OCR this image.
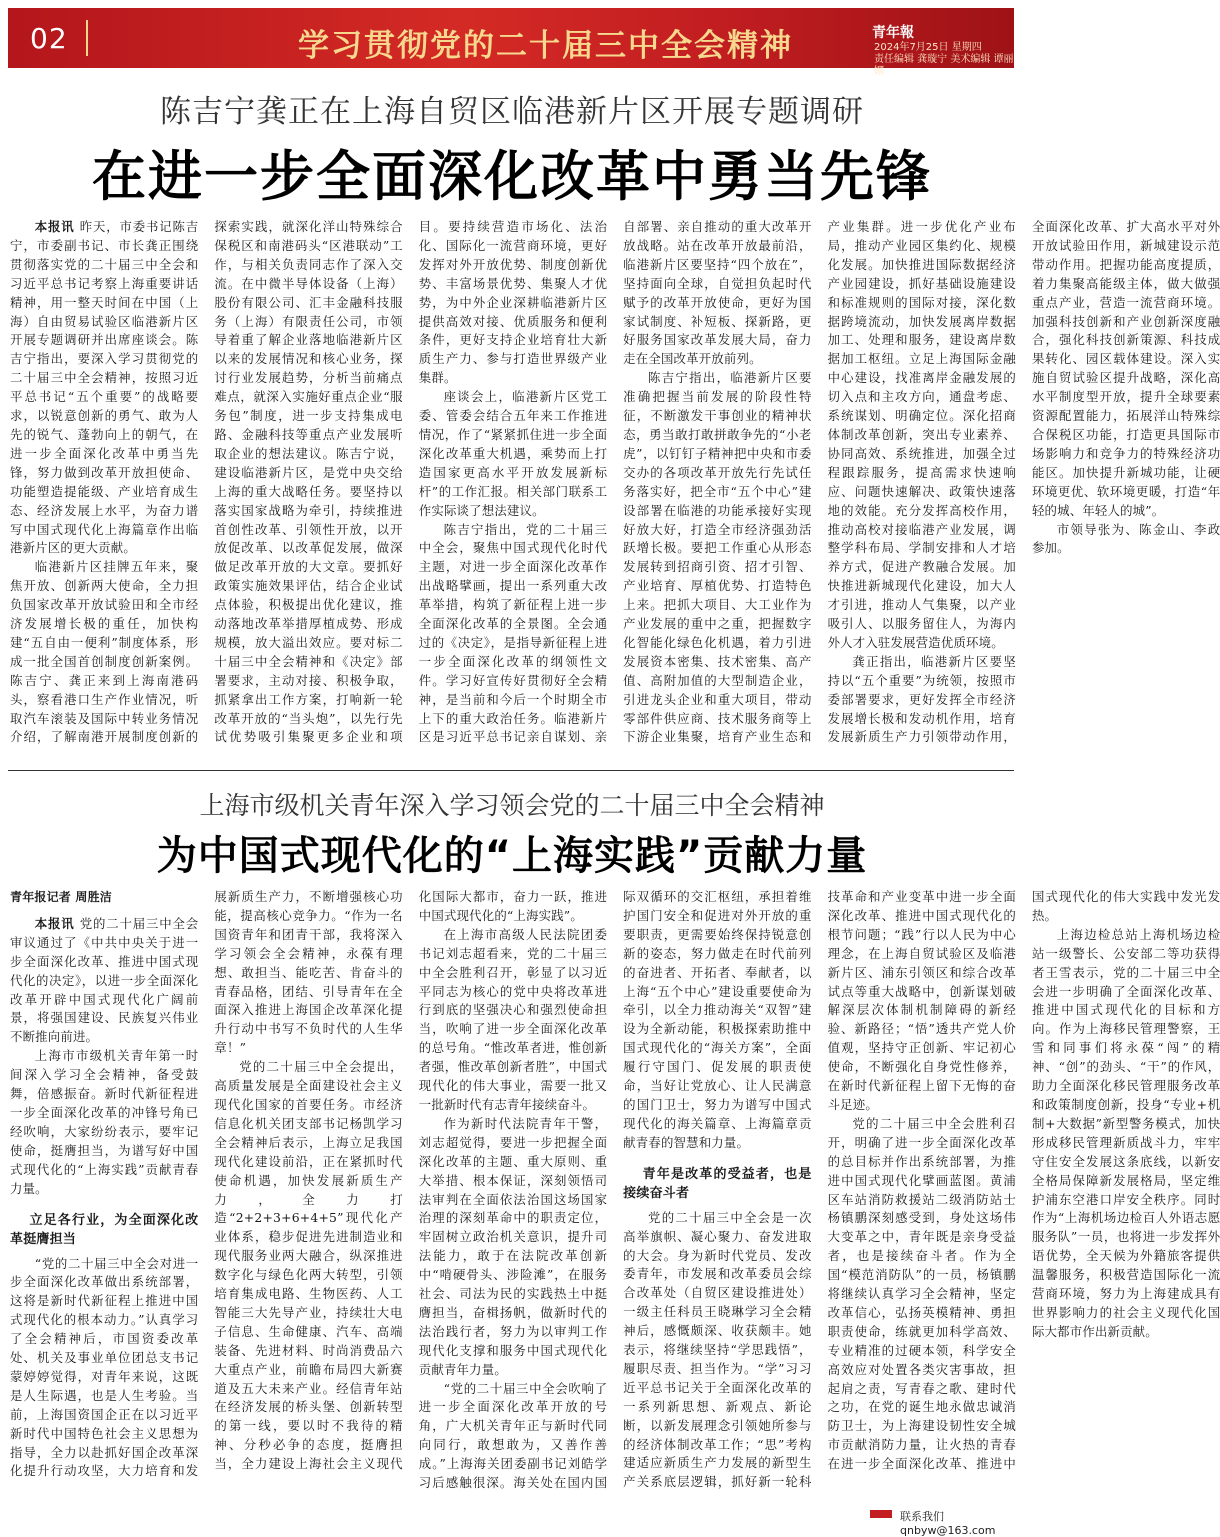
02	学习贯彻党的二十届三中全会精神	青年報
2024年7月25日 星期四
责任编辑 龚璇宁 美术编辑 谭丽娜
陈吉宁龚正在上海自贸区临港新片区开展专题调研
在进一步全面深化改革中勇当先锋

本报讯 昨天，市委书记陈吉宁，市委副书记、市长龚正围绕贯彻落实党的二十届三中全会和习近平总书记考察上海重要讲话精神，用一整天时间在中国（上海）自由贸易试验区临港新片区开展专题调研并出席座谈会。陈吉宁指出，要深入学习贯彻党的二十届三中全会精神，按照习近平总书记“五个重要”的战略要求，以锐意创新的勇气、敢为人先的锐气、蓬勃向上的朝气，在进一步全面深化改革中勇当先锋，努力做到改革开放担使命、功能塑造提能级、产业培育成生态、经济发展上水平，为奋力谱写中国式现代化上海篇章作出临港新片区的更大贡献。

临港新片区挂牌五年来，聚焦开放、创新两大使命，全力担负国家改革开放试验田和全市经济发展增长极的重任，加快构建“五自由一便利”制度体系，形成一批全国首创制度创新案例。陈吉宁、龚正来到上海南港码头，察看港口生产作业情况，听取汽车滚装及国际中转业务情况介绍，了解南港开展制度创新的探索实践，就深化洋山特殊综合保税区和南港码头“区港联动”工作，与相关负责同志作了深入交流。在中微半导体设备（上海）股份有限公司、汇丰金融科技服务（上海）有限责任公司，市领导着重了解企业落地临港新片区以来的发展情况和核心业务，探讨行业发展趋势，分析当前痛点难点，就深入实施好重点企业“服务包”制度，进一步支持集成电路、金融科技等重点产业发展听取企业的想法建议。陈吉宁说，建设临港新片区，是党中央交给上海的重大战略任务。要坚持以落实国家战略为牵引，持续推进首创性改革、引领性开放，以开放促改革、以改革促发展，做深做足改革开放的大文章。要抓好政策实施效果评估，结合企业试点体验，积极提出优化建议，推动落地改革举措厚植成势、形成规模，放大溢出效应。要对标二十届三中全会精神和《决定》部署要求，主动对接、积极争取，抓紧拿出工作方案，打响新一轮改革开放的“当头炮”，以先行先试优势吸引集聚更多企业和项目。要持续营造市场化、法治化、国际化一流营商环境，更好发挥对外开放优势、制度创新优势、丰富场景优势、集聚人才优势，为中外企业深耕临港新片区提供高效对接、优质服务和便利条件，更好支持企业培育壮大新质生产力、参与打造世界级产业集群。

座谈会上，临港新片区党工委、管委会结合五年来工作推进情况，作了“紧紧抓住进一步全面深化改革重大机遇，乘势而上打造国家更高水平开放发展新标杆”的工作汇报。相关部门联系工作实际谈了想法建议。

陈吉宁指出，党的二十届三中全会，聚焦中国式现代化时代主题，对进一步全面深化改革作出战略擘画，提出一系列重大改革举措，构筑了新征程上进一步全面深化改革的全景图。全会通过的《决定》，是指导新征程上进一步全面深化改革的纲领性文件。学习好宣传好贯彻好全会精神，是当前和今后一个时期全市上下的重大政治任务。临港新片区是习近平总书记亲自谋划、亲自部署、亲自推动的重大改革开放战略。站在改革开放最前沿，临港新片区要坚持“四个放在”，坚持面向全球，自觉担负起时代赋予的改革开放使命，更好为国家试制度、补短板、探新路，更好服务国家改革发展大局，奋力走在全国改革开放前列。

陈吉宁指出，临港新片区要准确把握当前发展的阶段性特征，不断激发干事创业的精神状态，勇当敢打敢拼敢争先的“小老虎”，以钉钉子精神把中央和市委交办的各项改革开放先行先试任务落实好，把全市“五个中心”建设部署在临港的功能承接好实现好放大好，打造全市经济强劲活跃增长极。要把工作重心从形态发展转到招商引资、招才引智、产业培育、厚植优势、打造特色上来。把抓大项目、大工业作为产业发展的重中之重，把握数字化智能化绿色化机遇，着力引进发展资本密集、技术密集、高产值、高附加值的大型制造企业，引进龙头企业和重大项目，带动零部件供应商、技术服务商等上下游企业集聚，培育产业生态和产业集群。进一步优化产业布局，推动产业园区集约化、规模化发展。加快推进国际数据经济产业园建设，抓好基础设施建设和标准规则的国际对接，深化数据跨境流动，加快发展离岸数据加工、处理和服务，建设离岸数据加工枢纽。立足上海国际金融中心建设，找准离岸金融发展的切入点和主攻方向，通盘考虑、系统谋划、明确定位。深化招商体制改革创新，突出专业素养、协同高效、系统推进，加强全过程跟踪服务，提高需求快速响应、问题快速解决、政策快速落地的效能。充分发挥高校作用，推动高校对接临港产业发展，调整学科布局、学制安排和人才培养方式，促进产教融合发展。加快推进新城现代化建设，加大人才引进，推动人气集聚，以产业吸引人、以服务留住人，为海内外人才入驻发展营造优质环境。

龚正指出，临港新片区要坚持以“五个重要”为统领，按照市委部署要求，更好发挥全市经济发展增长极和发动机作用，培育发展新质生产力引领带动作用，全面深化改革、扩大高水平对外开放试验田作用，新城建设示范带动作用。把握功能高度提质，着力集聚高能级主体，做大做强重点产业，营造一流营商环境。加强科技创新和产业创新深度融合，强化科技创新策源、科技成果转化、园区载体建设。深入实施自贸试验区提升战略，深化高水平制度型开放，提升全球要素资源配置能力，拓展洋山特殊综合保税区功能，打造更具国际市场影响力和竞争力的特殊经济功能区。加快提升新城功能，让硬环境更优、软环境更暖，打造“年轻的城、年轻人的城”。

市领导张为、陈金山、李政参加。

上海市级机关青年深入学习领会党的二十届三中全会精神
为中国式现代化的“上海实践”贡献力量
青年报记者 周胜洁

本报讯 党的二十届三中全会审议通过了《中共中央关于进一步全面深化改革、推进中国式现代化的决定》，以进一步全面深化改革开辟中国式现代化广阔前景，将强国建设、民族复兴伟业不断推向前进。

上海市市级机关青年第一时间深入学习全会精神，备受鼓舞，倍感振奋。新时代新征程进一步全面深化改革的冲锋号角已经吹响，大家纷纷表示，要牢记使命，挺膺担当，为谱写好中国式现代化的“上海实践”贡献青春力量。

立足各行业，为全面深化改革挺膺担当

“党的二十届三中全会对进一步全面深化改革做出系统部署，这将是新时代新征程上推进中国式现代化的根本动力。”认真学习了全会精神后，市国资委改革处、机关及事业单位团总支书记蒙婷婷觉得，对青年来说，这既是人生际遇，也是人生考验。当前，上海国资国企正在以习近平新时代中国特色社会主义思想为指导，全力以赴抓好国企改革深化提升行动攻坚，大力培育和发展新质生产力，不断增强核心功能，提高核心竞争力。“作为一名国资青年和团青干部，我将深入学习领会全会精神，永葆有理想、敢担当、能吃苦、肯奋斗的青春品格，团结、引导青年在全面深入推进上海国企改革深化提升行动中书写不负时代的人生华章！”

党的二十届三中全会提出，高质量发展是全面建设社会主义现代化国家的首要任务。市经济信息化机关团支部书记杨凯学习全会精神后表示，上海立足我国现代化建设前沿，正在紧抓时代使命机遇，加快发展新质生产力，全力打造“2+2+3+6+4+5”现代化产业体系，稳步促进先进制造业和现代服务业两大融合，纵深推进数字化与绿色化两大转型，引领培育集成电路、生物医药、人工智能三大先导产业，持续壮大电子信息、生命健康、汽车、高端装备、先进材料、时尚消费品六大重点产业，前瞻布局四大新赛道及五大未来产业。经信青年站在经济发展的桥头堡、创新转型的第一线，要以时不我待的精神、分秒必争的态度，挺膺担当，全力建设上海社会主义现代化国际大都市，奋力一跃，推进中国式现代化的“上海实践”。

在上海市高级人民法院团委书记刘志超看来，党的二十届三中全会胜利召开，彰显了以习近平同志为核心的党中央将改革进行到底的坚强决心和强烈使命担当，吹响了进一步全面深化改革的总号角。“惟改革者进，惟创新者强，惟改革创新者胜”，中国式现代化的伟大事业，需要一批又一批新时代有志青年接续奋斗。

作为新时代法院青年干警，刘志超觉得，要进一步把握全面深化改革的主题、重大原则、重大举措、根本保证，深刻领悟司法审判在全面依法治国这场国家治理的深刻革命中的职责定位，牢固树立政治机关意识，提升司法能力，敢于在法院改革创新中“啃硬骨头、涉险滩”，在服务社会、司法为民的实践热土中挺膺担当，奋楫扬帆，做新时代的法治践行者，努力为以审判工作现代化支撑和服务中国式现代化贡献青年力量。

“党的二十届三中全会吹响了进一步全面深化改革开放的号角，广大机关青年正与新时代同向同行，敢想敢为，又善作善成。”上海海关团委副书记刘皓学习后感触很深。海关处在国内国际双循环的交汇枢纽，承担着维护国门安全和促进对外开放的重要职责，更需要始终保持锐意创新的姿态，努力做走在时代前列的奋进者、开拓者、奉献者，以上海“五个中心”建设重要使命为牵引，以全力推动海关“双智”建设为全新动能，积极探索助推中国式现代化的“海关方案”，全面履行守国门、促发展的职责使命，当好让党放心、让人民满意的国门卫士，努力为谱写中国式现代化的海关篇章、上海篇章贡献青春的智慧和力量。

青年是改革的受益者，也是接续奋斗者

党的二十届三中全会是一次高举旗帜、凝心聚力、奋发进取的大会。身为新时代党员、发改委青年，市发展和改革委员会综合改革处（自贸区建设推进处）一级主任科员王晓琳学习全会精神后，感慨颇深、收获颇丰。她表示，将继续坚持“学思践悟”，履职尽责、担当作为。“学”习习近平总书记关于全面深化改革的一系列新思想、新观点、新论断，以新发展理念引领她所参与的经济体制改革工作；“思”考构建适应新质生产力发展的新型生产关系底层逻辑，抓好新一轮科技革命和产业变革中进一步全面深化改革、推进中国式现代化的根节问题；“践”行以人民为中心理念，在上海自贸试验区及临港新片区、浦东引领区和综合改革试点等重大战略中，创新谋划破解深层次体制机制障碍的新经验、新路径；“悟”透共产党人价值观，坚持守正创新、牢记初心使命，不断强化自身党性修养，在新时代新征程上留下无悔的奋斗足迹。

党的二十届三中全会胜利召开，明确了进一步全面深化改革的总目标并作出系统部署，为推进中国式现代化擘画蓝图。黄浦区车站消防救援站二级消防站士杨镇鹏深刻感受到，身处这场伟大变革之中，青年既是亲身受益者，也是接续奋斗者。作为全国“模范消防队”的一员，杨镇鹏将继续认真学习全会精神，坚定改革信心，弘扬英模精神、勇担职责使命，练就更加科学高效、专业精准的过硬本领，科学安全高效应对处置各类灾害事故，担起肩之责，写青春之歌、建时代之功，在党的诞生地永做忠诚消防卫士，为上海建设韧性安全城市贡献消防力量，让火热的青春在进一步全面深化改革、推进中国式现代化的伟大实践中发光发热。

上海边检总站上海机场边检站一级警长、公安部二等功获得者王雪表示，党的二十届三中全会进一步明确了全面深化改革、推进中国式现代化的目标和方向。作为上海移民管理警察，王雪和同事们将永葆“闯”的精神、“创”的劲头、“干”的作风，助力全面深化移民管理服务改革和政策制度创新，投身“专业+机制+大数据”新型警务模式，加快形成移民管理新质战斗力，牢牢守住安全发展这条底线，以新安全格局保障新发展格局，坚定维护浦东空港口岸安全秩序。同时作为“上海机场边检百人外语志愿服务队”一员，也将进一步发挥外语优势，全天候为外籍旅客提供温馨服务，积极营造国际化一流营商环境，努力为上海建成具有世界影响力的社会主义现代化国际大都市作出新贡献。

联系我们 qnbyw@163.com
